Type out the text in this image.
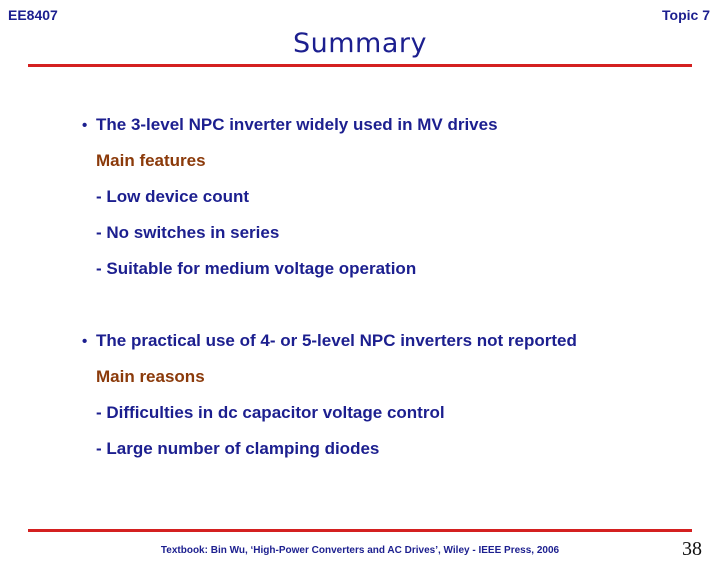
EE8407	Topic 7
Summary
• The 3-level NPC inverter widely used in MV drives
Main features
- Low device count
- No switches in series
- Suitable for medium voltage operation
• The practical use of 4- or 5-level NPC inverters not reported
Main reasons
- Difficulties in dc capacitor voltage control
- Large number of clamping diodes
Textbook: Bin Wu, ‘High-Power Converters and AC Drives’, Wiley - IEEE Press, 2006	38
